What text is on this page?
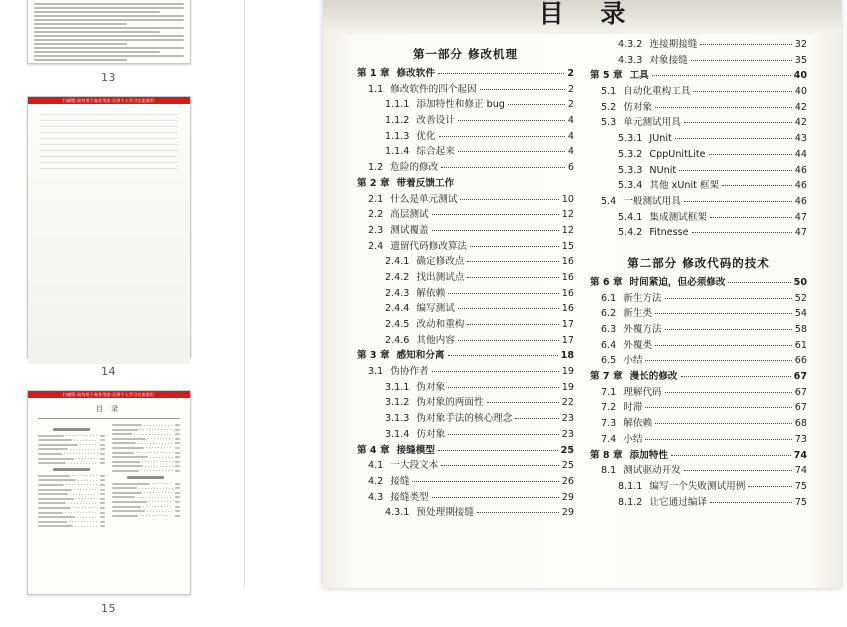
13
扫描版·请勿用于商业用途·仅供个人学习交流使用
14
扫描版·请勿用于商业用途·仅供个人学习交流使用
目 录
15
目 录
第一部分 修改机理
第 1 章 修改软件	2
1.1 修改软件的四个起因	2
1.1.1 添加特性和修正 bug	2
1.1.2 改善设计	4
1.1.3 优化	4
1.1.4 综合起来	4
1.2 危险的修改	6
第 2 章 带着反馈工作
2.1 什么是单元测试	10
2.2 高层测试	12
2.3 测试覆盖	12
2.4 遗留代码修改算法	15
2.4.1 确定修改点	16
2.4.2 找出测试点	16
2.4.3 解依赖	16
2.4.4 编写测试	16
2.4.5 改动和重构	17
2.4.6 其他内容	17
第 3 章 感知和分离	18
3.1 伪协作者	19
3.1.1 伪对象	19
3.1.2 伪对象的两面性	22
3.1.3 伪对象手法的核心理念	23
3.1.4 仿对象	23
第 4 章 接缝模型	25
4.1 一大段文本	25
4.2 接缝	26
4.3 接缝类型	29
4.3.1 预处理期接缝	29
4.3.2 连接期接缝	32
4.3.3 对象接缝	35
第 5 章 工具	40
5.1 自动化重构工具	40
5.2 仿对象	42
5.3 单元测试用具	42
5.3.1 JUnit	43
5.3.2 CppUnitLite	44
5.3.3 NUnit	46
5.3.4 其他 xUnit 框架	46
5.4 一般测试用具	46
5.4.1 集成测试框架	47
5.4.2 Fitnesse	47
第二部分 修改代码的技术
第 6 章 时间紧迫，但必须修改	50
6.1 新生方法	52
6.2 新生类	54
6.3 外覆方法	58
6.4 外覆类	61
6.5 小结	66
第 7 章 漫长的修改	67
7.1 理解代码	67
7.2 时滞	67
7.3 解依赖	68
7.4 小结	73
第 8 章 添加特性	74
8.1 测试驱动开发	74
8.1.1 编写一个失败测试用例	75
8.1.2 让它通过编译	75
